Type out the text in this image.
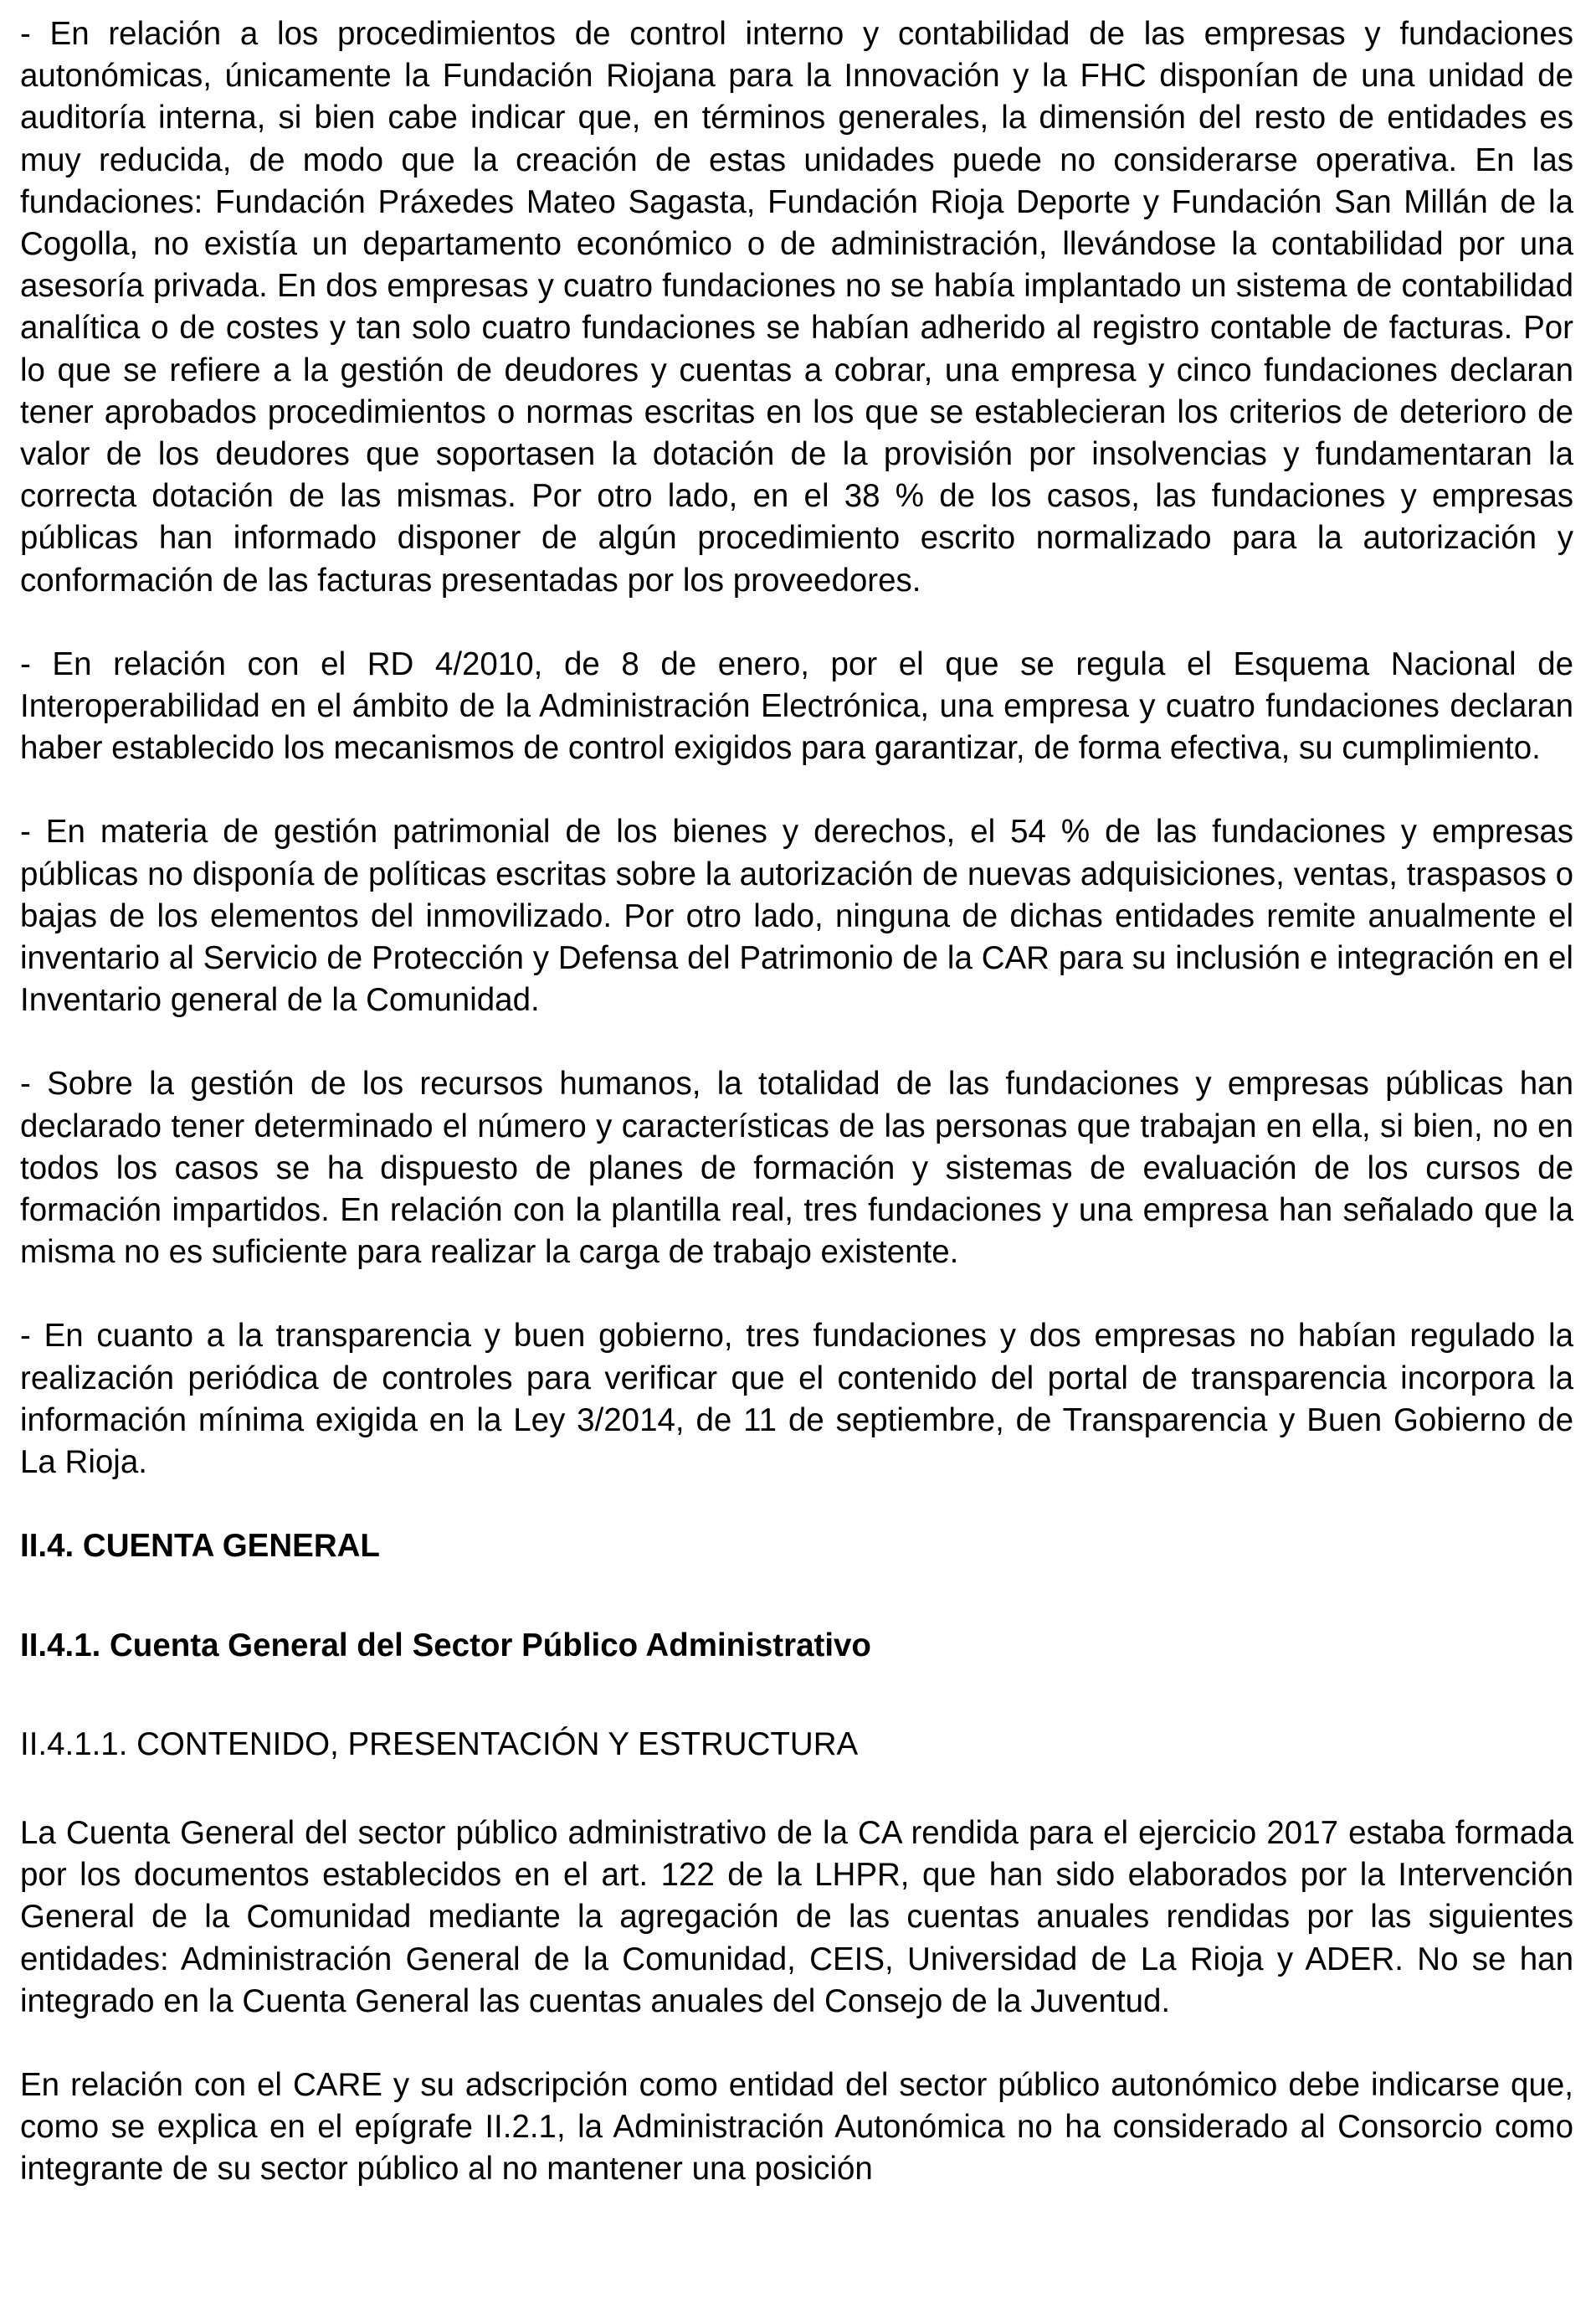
- En relación a los procedimientos de control interno y contabilidad de las empresas y fundaciones autonómicas, únicamente la Fundación Riojana para la Innovación y la FHC disponían de una unidad de auditoría interna, si bien cabe indicar que, en términos generales, la dimensión del resto de entidades es muy reducida, de modo que la creación de estas unidades puede no considerarse operativa. En las fundaciones: Fundación Práxedes Mateo Sagasta, Fundación Rioja Deporte y Fundación San Millán de la Cogolla, no existía un departamento económico o de administración, llevándose la contabilidad por una asesoría privada. En dos empresas y cuatro fundaciones no se había implantado un sistema de contabilidad analítica o de costes y tan solo cuatro fundaciones se habían adherido al registro contable de facturas. Por lo que se refiere a la gestión de deudores y cuentas a cobrar, una empresa y cinco fundaciones declaran tener aprobados procedimientos o normas escritas en los que se establecieran los criterios de deterioro de valor de los deudores que soportasen la dotación de la provisión por insolvencias y fundamentaran la correcta dotación de las mismas. Por otro lado, en el 38 % de los casos, las fundaciones y empresas públicas han informado disponer de algún procedimiento escrito normalizado para la autorización y conformación de las facturas presentadas por los proveedores.

- En relación con el RD 4/2010, de 8 de enero, por el que se regula el Esquema Nacional de Interoperabilidad en el ámbito de la Administración Electrónica, una empresa y cuatro fundaciones declaran haber establecido los mecanismos de control exigidos para garantizar, de forma efectiva, su cumplimiento.

- En materia de gestión patrimonial de los bienes y derechos, el 54 % de las fundaciones y empresas públicas no disponía de políticas escritas sobre la autorización de nuevas adquisiciones, ventas, traspasos o bajas de los elementos del inmovilizado. Por otro lado, ninguna de dichas entidades remite anualmente el inventario al Servicio de Protección y Defensa del Patrimonio de la CAR para su inclusión e integración en el Inventario general de la Comunidad.

- Sobre la gestión de los recursos humanos, la totalidad de las fundaciones y empresas públicas han declarado tener determinado el número y características de las personas que trabajan en ella, si bien, no en todos los casos se ha dispuesto de planes de formación y sistemas de evaluación de los cursos de formación impartidos. En relación con la plantilla real, tres fundaciones y una empresa han señalado que la misma no es suficiente para realizar la carga de trabajo existente.

- En cuanto a la transparencia y buen gobierno, tres fundaciones y dos empresas no habían regulado la realización periódica de controles para verificar que el contenido del portal de transparencia incorpora la información mínima exigida en la Ley 3/2014, de 11 de septiembre, de Transparencia y Buen Gobierno de La Rioja.

II.4. CUENTA GENERAL

II.4.1. Cuenta General del Sector Público Administrativo

II.4.1.1. CONTENIDO, PRESENTACIÓN Y ESTRUCTURA

La Cuenta General del sector público administrativo de la CA rendida para el ejercicio 2017 estaba formada por los documentos establecidos en el art. 122 de la LHPR, que han sido elaborados por la Intervención General de la Comunidad mediante la agregación de las cuentas anuales rendidas por las siguientes entidades: Administración General de la Comunidad, CEIS, Universidad de La Rioja y ADER. No se han integrado en la Cuenta General las cuentas anuales del Consejo de la Juventud.

En relación con el CARE y su adscripción como entidad del sector público autonómico debe indicarse que, como se explica en el epígrafe II.2.1, la Administración Autonómica no ha considerado al Consorcio como integrante de su sector público al no mantener una posición
